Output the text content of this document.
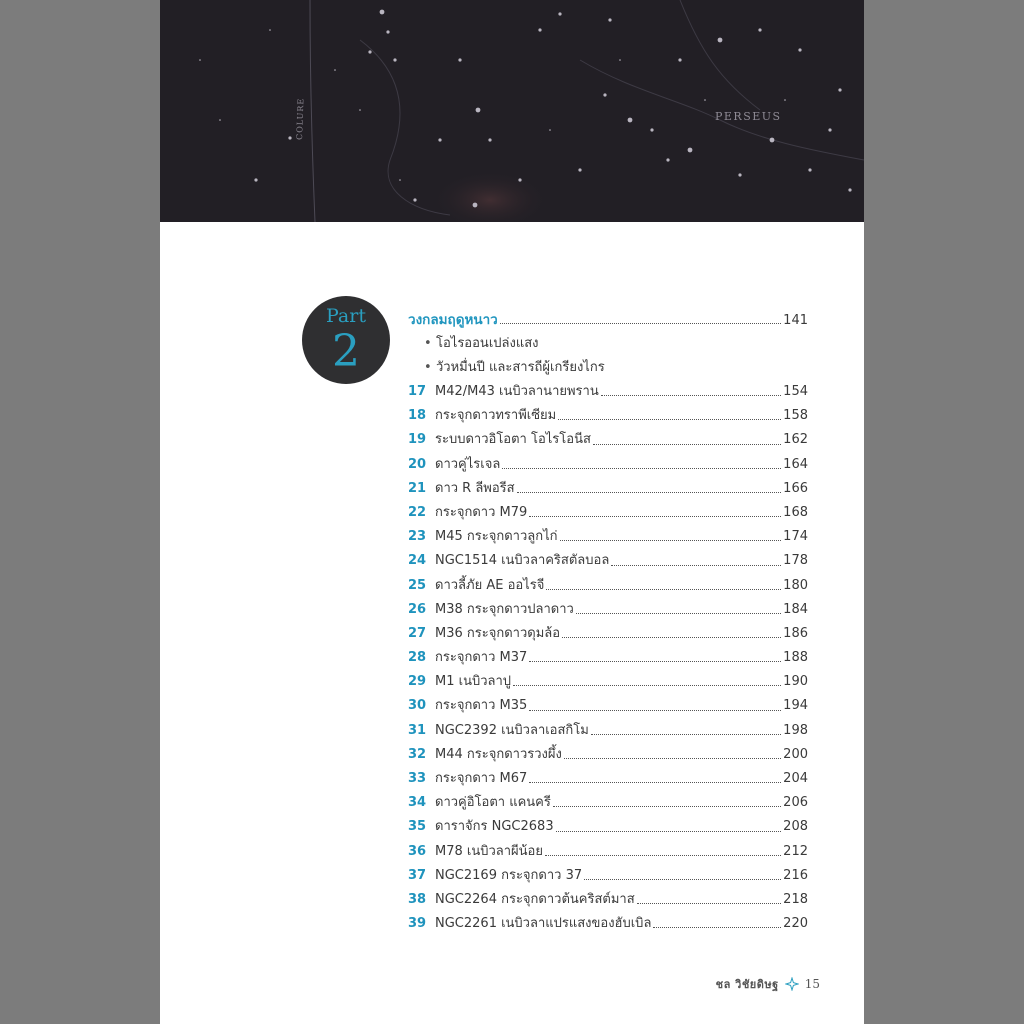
PERSEUS
COLURE
Part
2
วงกลมฤดูหนาว	141
• โอไรออนเปล่งแสง
• วัวหมื่นปี และสารถีผู้เกรียงไกร
17 M42/M43 เนบิวลานายพราน	154
18 กระจุกดาวทราพีเซียม	158
19 ระบบดาวอิโอตา โอไรโอนีส	162
20 ดาวคู่ไรเจล	164
21 ดาว R ลีพอรีส	166
22 กระจุกดาว M79	168
23 M45 กระจุกดาวลูกไก่	174
24 NGC1514 เนบิวลาคริสตัลบอล	178
25 ดาวลี้ภัย AE ออไรจี	180
26 M38 กระจุกดาวปลาดาว	184
27 M36 กระจุกดาวดุมล้อ	186
28 กระจุกดาว M37	188
29 M1 เนบิวลาปู	190
30 กระจุกดาว M35	194
31 NGC2392 เนบิวลาเอสกิโม	198
32 M44 กระจุกดาวรวงผึ้ง	200
33 กระจุกดาว M67	204
34 ดาวคู่อิโอตา แคนครี	206
35 ดาราจักร NGC2683	208
36 M78 เนบิวลาผีน้อย	212
37 NGC2169 กระจุกดาว 37	216
38 NGC2264 กระจุกดาวต้นคริสต์มาส	218
39 NGC2261 เนบิวลาแปรแสงของฮับเบิล	220
ชล วิชัยดิษฐ 15
